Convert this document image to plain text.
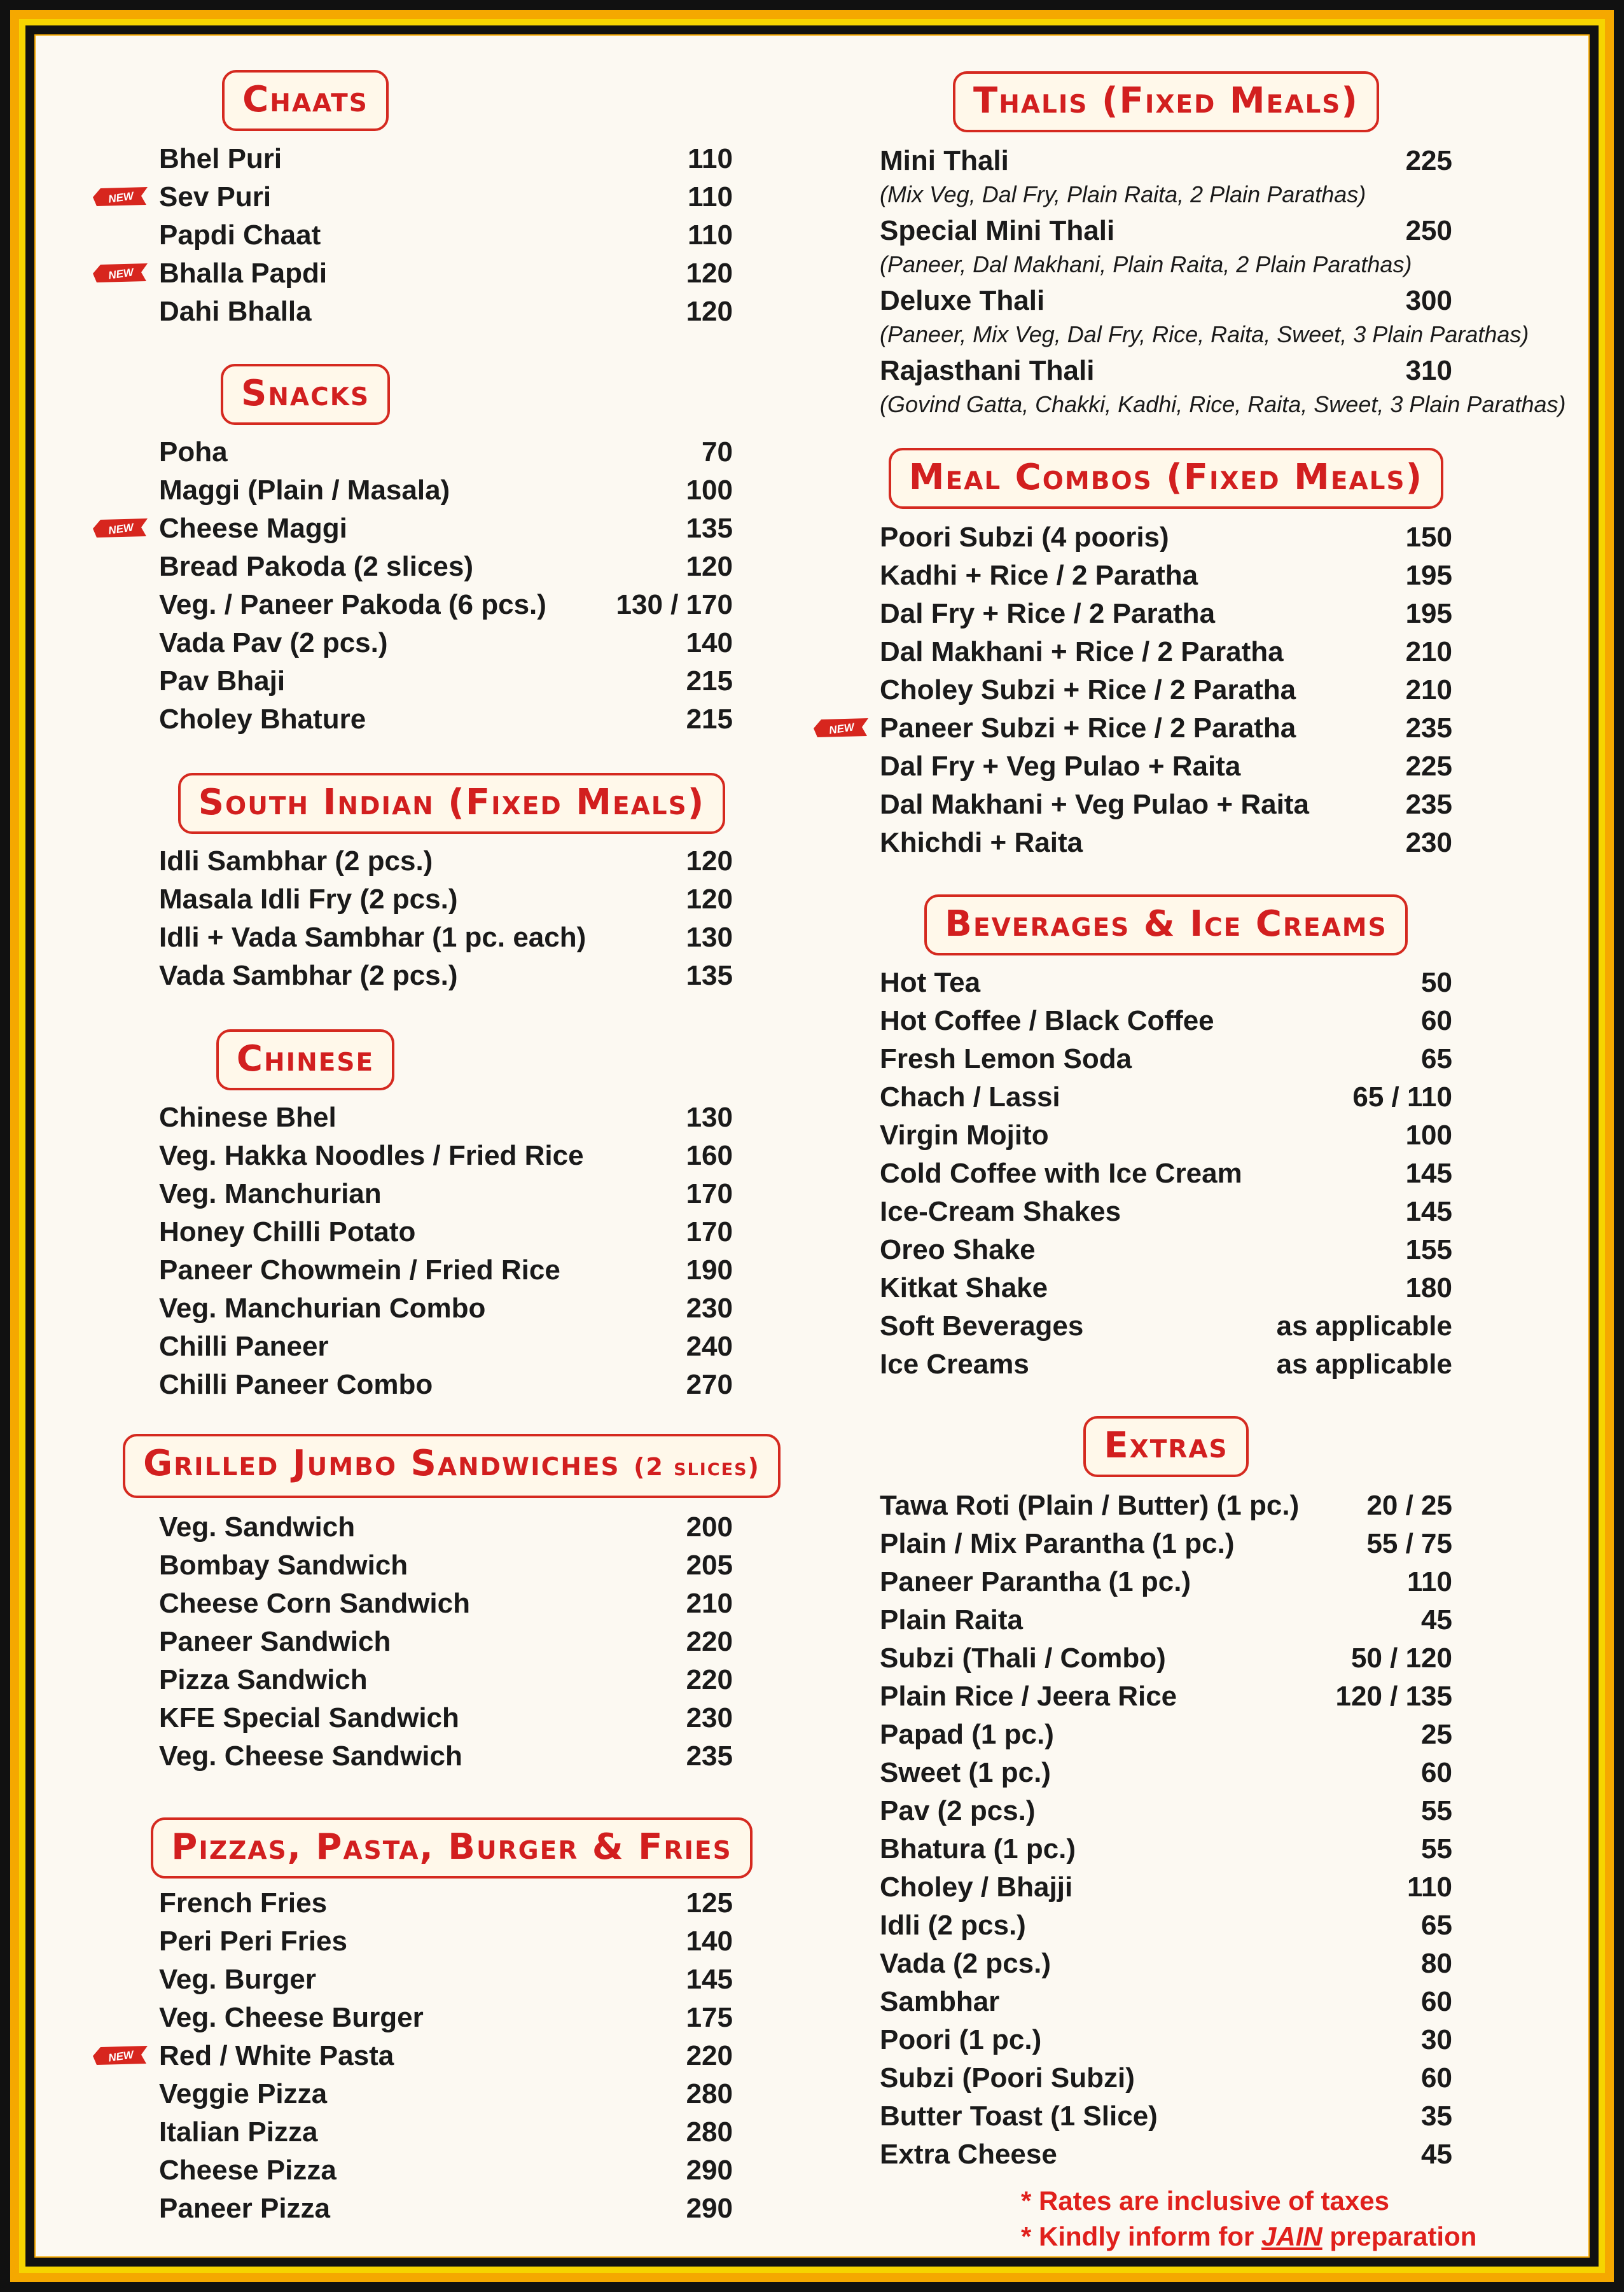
Chaats
Bhel Puri	110
Sev Puri	110
NEW
Papdi Chaat	110
Bhalla Papdi	120
NEW
Dahi Bhalla	120
Snacks
Poha	70
Maggi (Plain / Masala)	100
Cheese Maggi	135
NEW
Bread Pakoda (2 slices)	120
Veg. / Paneer Pakoda (6 pcs.) 130 / 170
Vada Pav (2 pcs.)	140
Pav Bhaji	215
Choley Bhature	215
South Indian (Fixed Meals)
Idli Sambhar (2 pcs.)	120
Masala Idli Fry (2 pcs.)	120
Idli + Vada Sambhar (1 pc. each)	130
Vada Sambhar (2 pcs.)	135
Chinese
Chinese Bhel	130
Veg. Hakka Noodles / Fried Rice	160
Veg. Manchurian	170
Honey Chilli Potato	170
Paneer Chowmein / Fried Rice	190
Veg. Manchurian Combo	230
Chilli Paneer	240
Chilli Paneer Combo	270
Grilled Jumbo Sandwiches (2 slices)
Veg. Sandwich	200
Bombay Sandwich	205
Cheese Corn Sandwich	210
Paneer Sandwich	220
Pizza Sandwich	220
KFE Special Sandwich	230
Veg. Cheese Sandwich	235
Pizzas, Pasta, Burger & Fries
French Fries	125
Peri Peri Fries	140
Veg. Burger	145
Veg. Cheese Burger	175
Red / White Pasta	220
NEW
Veggie Pizza	280
Italian Pizza	280
Cheese Pizza	290
Paneer Pizza	290
Thalis (Fixed Meals)
Mini Thali	225
(Mix Veg, Dal Fry, Plain Raita, 2 Plain Parathas)
Special Mini Thali	250
(Paneer, Dal Makhani, Plain Raita, 2 Plain Parathas)
Deluxe Thali	300
(Paneer, Mix Veg, Dal Fry, Rice, Raita, Sweet, 3 Plain Parathas)
Rajasthani Thali	310
(Govind Gatta, Chakki, Kadhi, Rice, Raita, Sweet, 3 Plain Parathas)
Meal Combos (Fixed Meals)
Poori Subzi (4 pooris)	150
Kadhi + Rice / 2 Paratha	195
Dal Fry + Rice / 2 Paratha	195
Dal Makhani + Rice / 2 Paratha	210
Choley Subzi + Rice / 2 Paratha	210
Paneer Subzi + Rice / 2 Paratha	235
NEW
Dal Fry + Veg Pulao + Raita	225
Dal Makhani + Veg Pulao + Raita	235
Khichdi + Raita	230
Beverages & Ice Creams
Hot Tea	50
Hot Coffee / Black Coffee	60
Fresh Lemon Soda	65
Chach / Lassi	65 / 110
Virgin Mojito	100
Cold Coffee with Ice Cream	145
Ice-Cream Shakes	145
Oreo Shake	155
Kitkat Shake	180
Soft Beverages	as applicable
Ice Creams	as applicable
Extras
Tawa Roti (Plain / Butter) (1 pc.) 20 / 25
Plain / Mix Parantha (1 pc.)	55 / 75
Paneer Parantha (1 pc.)	110
Plain Raita	45
Subzi (Thali / Combo)	50 / 120
Plain Rice / Jeera Rice	120 / 135
Papad (1 pc.)	25
Sweet (1 pc.)	60
Pav (2 pcs.)	55
Bhatura (1 pc.)	55
Choley / Bhajji	110
Idli (2 pcs.)	65
Vada (2 pcs.)	80
Sambhar	60
Poori (1 pc.)	30
Subzi (Poori Subzi)	60
Butter Toast (1 Slice)	35
Extra Cheese	45
* Rates are inclusive of taxes
* Kindly inform for JAIN preparation
